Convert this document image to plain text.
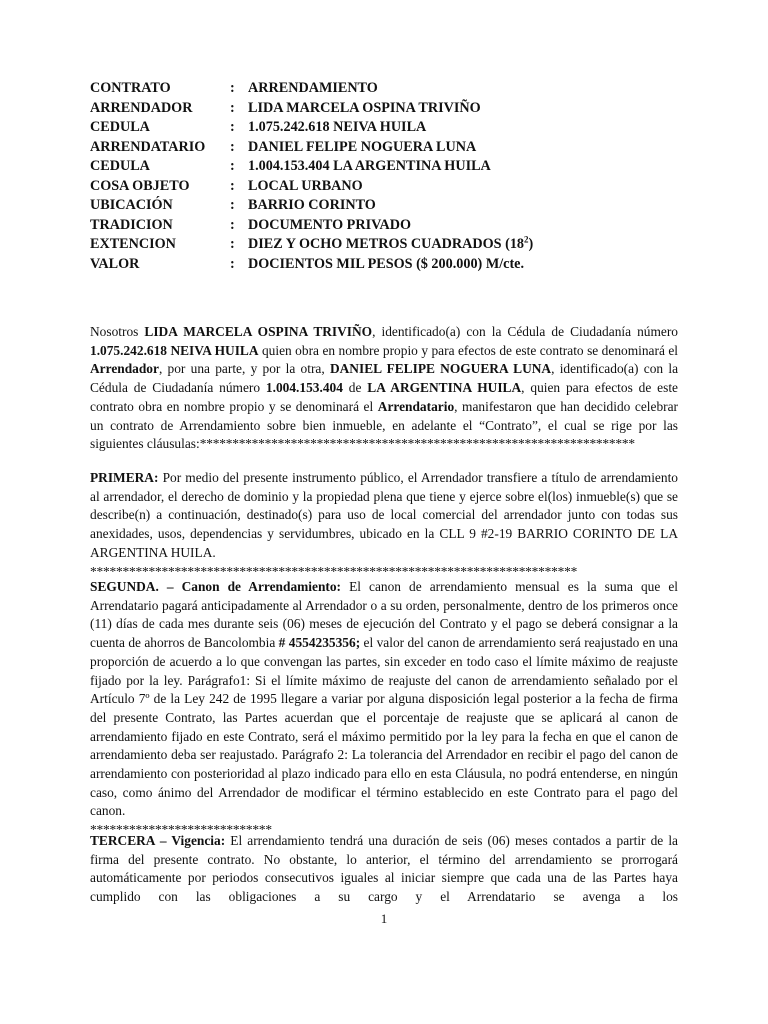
CONTRATO	: ARRENDAMIENTO
ARRENDADOR	: LIDA MARCELA OSPINA TRIVIÑO
CEDULA	: 1.075.242.618 NEIVA HUILA
ARRENDATARIO	: DANIEL FELIPE NOGUERA LUNA
CEDULA	: 1.004.153.404 LA ARGENTINA HUILA
COSA OBJETO	: LOCAL URBANO
UBICACIÓN	: BARRIO CORINTO
TRADICION	: DOCUMENTO PRIVADO
EXTENCION	: DIEZ Y OCHO METROS CUADRADOS $(18^2)$
VALOR	: DOCIENTOS MIL PESOS ($ 200.000) M/cte.

Nosotros LIDA MARCELA OSPINA TRIVIÑO, identificado(a) con la Cédula de Ciudadanía número 1.075.242.618 NEIVA HUILA quien obra en nombre propio y para efectos de este contrato se denominará el Arrendador, por una parte, y por la otra, DANIEL FELIPE NOGUERA LUNA, identificado(a) con la Cédula de Ciudadanía número 1.004.153.404 de LA ARGENTINA HUILA, quien para efectos de este contrato obra en nombre propio y se denominará el Arrendatario, manifestaron que han decidido celebrar un contrato de Arrendamiento sobre bien inmueble, en adelante el “Contrato”, el cual se rige por las siguientes cláusulas:*******************************************************************

PRIMERA: Por medio del presente instrumento público, el Arrendador transfiere a título de arrendamiento al arrendador, el derecho de dominio y la propiedad plena que tiene y ejerce sobre el(los) inmueble(s) que se describe(n) a continuación, destinado(s) para uso de local comercial del arrendador junto con todas sus anexidades, usos, dependencias y servidumbres, ubicado en la CLL 9 #2-19 BARRIO CORINTO DE LA ARGENTINA HUILA.
***************************************************************************

SEGUNDA. – Canon de Arrendamiento: El canon de arrendamiento mensual es la suma que el Arrendatario pagará anticipadamente al Arrendador o a su orden, personalmente, dentro de los primeros once (11) días de cada mes durante seis (06) meses de ejecución del Contrato y el pago se deberá consignar a la cuenta de ahorros de Bancolombia # 4554235356; el valor del canon de arrendamiento será reajustado en una proporción de acuerdo a lo que convengan las partes, sin exceder en todo caso el límite máximo de reajuste fijado por la ley. Parágrafo1: Si el límite máximo de reajuste del canon de arrendamiento señalado por el Artículo 7º de la Ley 242 de 1995 llegare a variar por alguna disposición legal posterior a la fecha de firma del presente Contrato, las Partes acuerdan que el porcentaje de reajuste que se aplicará al canon de arrendamiento fijado en este Contrato, será el máximo permitido por la ley para la fecha en que el canon de arrendamiento deba ser reajustado. Parágrafo 2: La tolerancia del Arrendador en recibir el pago del canon de arrendamiento con posterioridad al plazo indicado para ello en esta Cláusula, no podrá entenderse, en ningún caso, como ánimo del Arrendador de modificar el término establecido en este Contrato para el pago del canon.
****************************

TERCERA – Vigencia: El arrendamiento tendrá una duración de seis (06) meses contados a partir de la firma del presente contrato. No obstante, lo anterior, el término del arrendamiento se prorrogará automáticamente por periodos consecutivos iguales al iniciar siempre que cada una de las Partes haya cumplido con las obligaciones a su cargo y el Arrendatario se avenga a los

1
